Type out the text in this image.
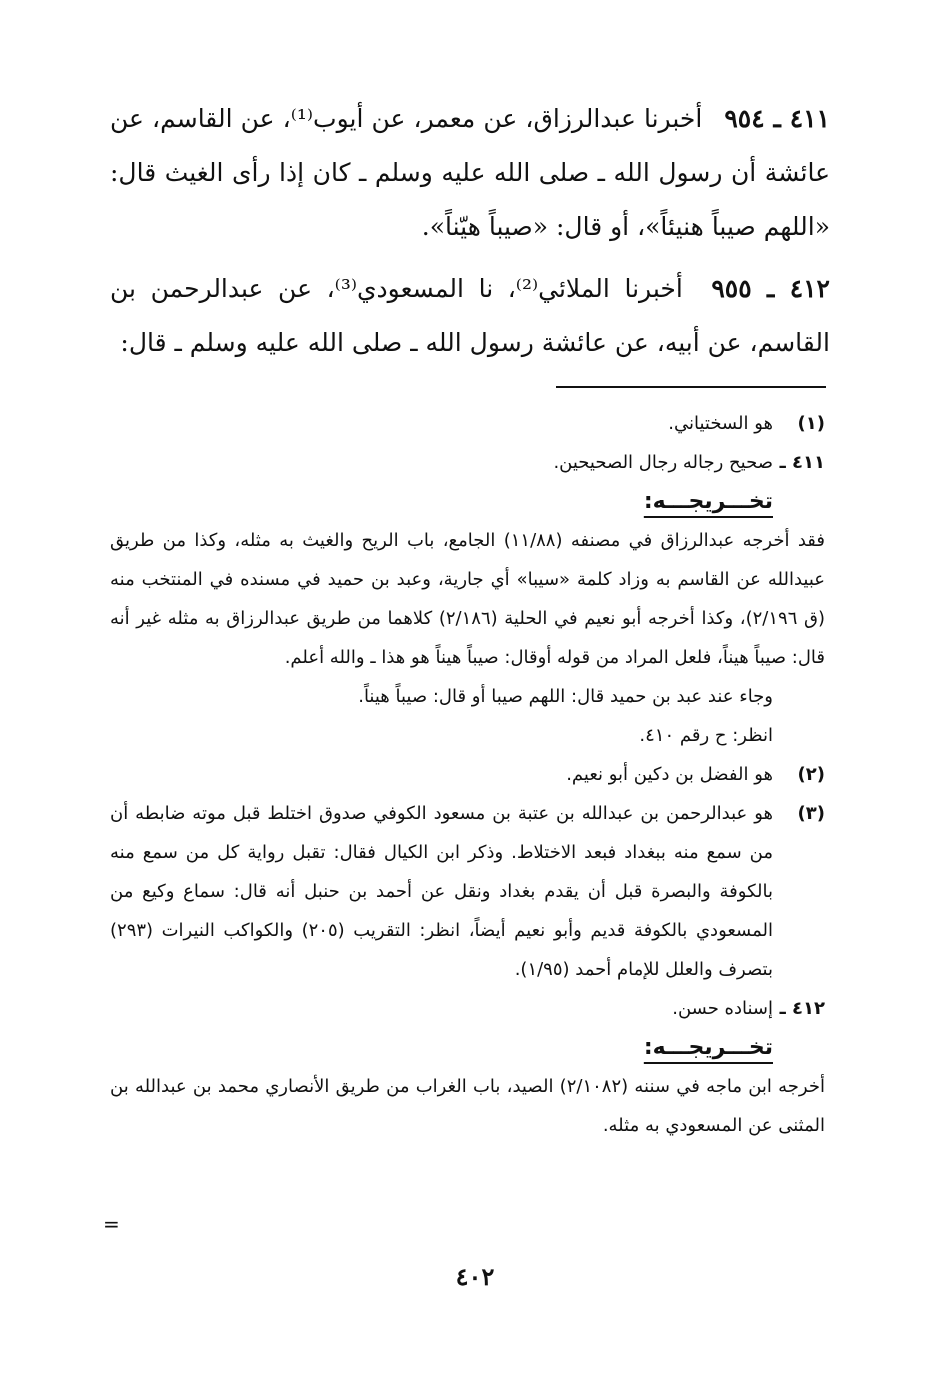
٤١١ ـ ٩٥٤ أخبرنا عبدالرزاق، عن معمر، عن أيوب⁽¹⁾، عن القاسم، عن عائشة أن رسول الله ـ صلى الله عليه وسلم ـ كان إذا رأى الغيث قال: «اللهم صيباً هنيئاً»، أو قال: «صيباً هيّناً».

٤١٢ ـ ٩٥٥ أخبرنا الملائي⁽²⁾، نا المسعودي⁽³⁾، عن عبدالرحمن بن القاسم، عن أبيه، عن عائشة رسول الله ـ صلى الله عليه وسلم ـ قال:

(١)
هو السختياني.
٤١١ ـ
صحيح رجاله رجال الصحيحين.

تخـــريجـــه:

فقد أخرجه عبدالرزاق في مصنفه (١١/٨٨) الجامع، باب الريح والغيث به مثله، وكذا من طريق عبيدالله عن القاسم به وزاد كلمة «سيبا» أي جارية، وعبد بن حميد في مسنده في المنتخب منه (ق ٢/١٩٦)، وكذا أخرجه أبو نعيم في الحلية (٢/١٨٦) كلاهما من طريق عبدالرزاق به مثله غير أنه قال: صيباً هيناً، فلعل المراد من قوله أوقال: صيباً هيناً هو هذا ـ والله أعلم.

وجاء عند عبد بن حميد قال: اللهم صيبا أو قال: صيباً هيناً.

انظر: ح رقم ٤١٠.

(٢)
هو الفضل بن دكين أبو نعيم.
(٣)
هو عبدالرحمن بن عبدالله بن عتبة بن مسعود الكوفي صدوق اختلط قبل موته ضابطه أن من سمع منه ببغداد فبعد الاختلاط. وذكر ابن الكيال فقال: تقبل رواية كل من سمع منه بالكوفة والبصرة قبل أن يقدم بغداد ونقل عن أحمد بن حنبل أنه قال: سماع وكيع من المسعودي بالكوفة قديم وأبو نعيم أيضاً، انظر: التقريب (٢٠٥) والكواكب النيرات (٢٩٣) بتصرف والعلل للإمام أحمد (١/٩٥).
٤١٢ ـ
إسناده حسن.

تخـــريجـــه:

أخرجه ابن ماجه في سننه (٢/١٠٨٢) الصيد، باب الغراب من طريق الأنصاري محمد بن عبدالله بن المثنى عن المسعودي به مثله.

=
٤٠٢
